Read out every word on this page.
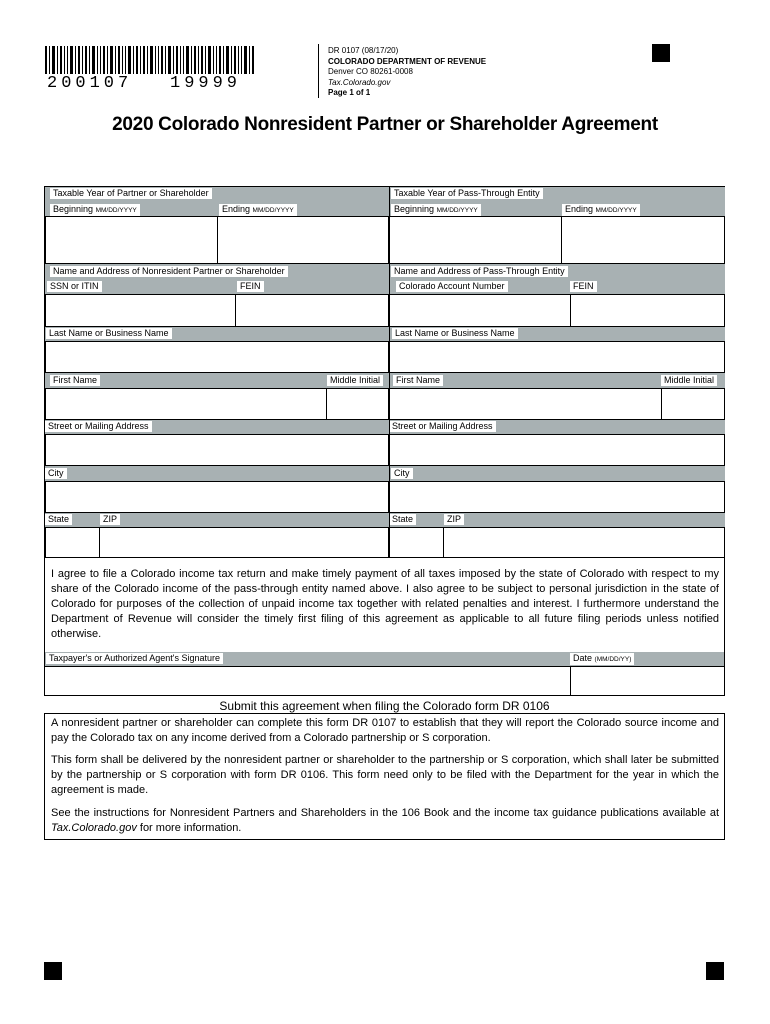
200107 19999
DR 0107 (08/17/20)
COLORADO DEPARTMENT OF REVENUE
Denver CO 80261-0008
Tax.Colorado.gov
Page 1 of 1
2020 Colorado Nonresident Partner or Shareholder Agreement
Taxable Year of Partner or Shareholder
Beginning MM/DD/YYYY	Ending MM/DD/YYYY
Name and Address of Nonresident Partner or Shareholder
SSN or ITIN	FEIN
Last Name or Business Name
First Name	Middle Initial
Street or Mailing Address
City
State	ZIP
Taxable Year of Pass-Through Entity
Beginning MM/DD/YYYY	Ending MM/DD/YYYY
Name and Address of Pass-Through Entity
Colorado Account Number	FEIN
Last Name or Business Name
First Name	Middle Initial
Street or Mailing Address
City
State	ZIP
I agree to file a Colorado income tax return and make timely payment of all taxes imposed by the state of Colorado with respect to my share of the Colorado income of the pass-through entity named above. I also agree to be subject to personal jurisdiction in the state of Colorado for purposes of the collection of unpaid income tax together with related penalties and interest. I furthermore understand the Department of Revenue will consider the timely first filing of this agreement as applicable to all future filing periods unless notified otherwise.
Taxpayer's or Authorized Agent's Signature	Date (MM/DD/YY)
Submit this agreement when filing the Colorado form DR 0106
A nonresident partner or shareholder can complete this form DR 0107 to establish that they will report the Colorado source income and pay the Colorado tax on any income derived from a Colorado partnership or S corporation.
This form shall be delivered by the nonresident partner or shareholder to the partnership or S corporation, which shall later be submitted by the partnership or S corporation with form DR 0106. This form need only to be filed with the Department for the year in which the agreement is made.
See the instructions for Nonresident Partners and Shareholders in the 106 Book and the income tax guidance publications available at Tax.Colorado.gov for more information.
